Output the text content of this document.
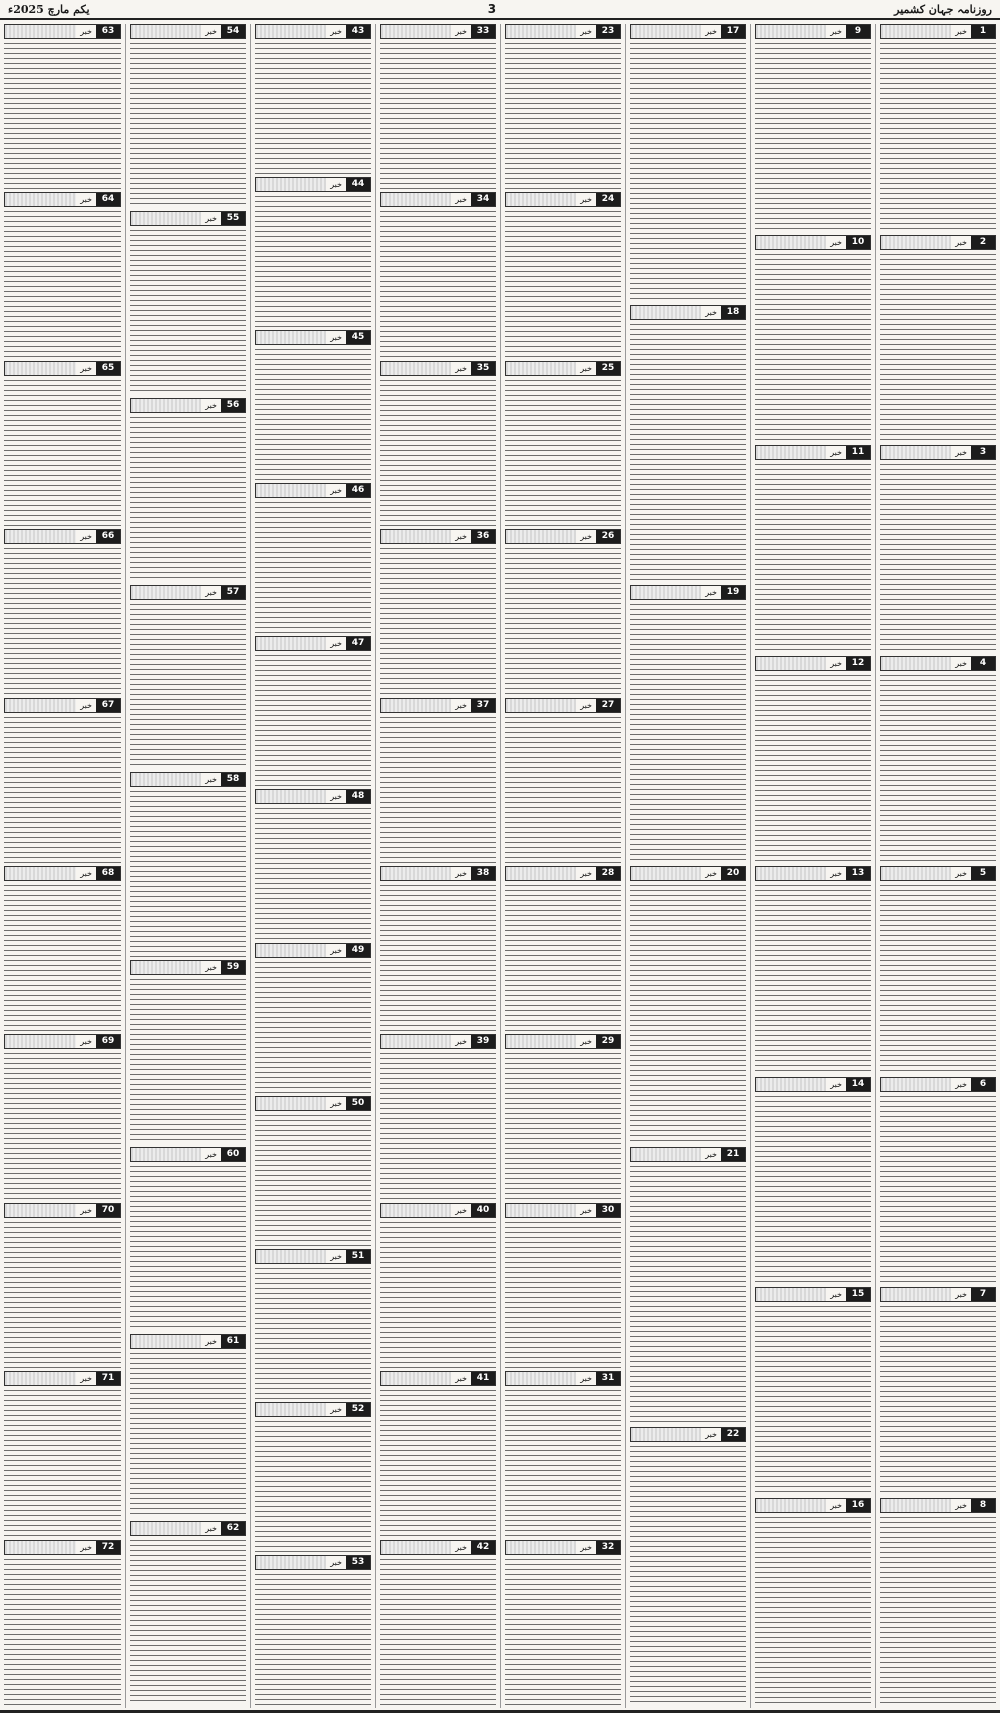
یکم مارچ 2025ء	3	روزنامہ جہان کشمیر
1
خبر
2
خبر
3
خبر
4
خبر
5
خبر
6
خبر
7
خبر
8
خبر
9
خبر
10
خبر
11
خبر
12
خبر
13
خبر
14
خبر
15
خبر
16
خبر
17
خبر
18
خبر
19
خبر
20
خبر
21
خبر
22
خبر
23
خبر
24
خبر
25
خبر
26
خبر
27
خبر
28
خبر
29
خبر
30
خبر
31
خبر
32
خبر
33
خبر
34
خبر
35
خبر
36
خبر
37
خبر
38
خبر
39
خبر
40
خبر
41
خبر
42
خبر
43
خبر
44
خبر
45
خبر
46
خبر
47
خبر
48
خبر
49
خبر
50
خبر
51
خبر
52
خبر
53
خبر
54
خبر
55
خبر
56
خبر
57
خبر
58
خبر
59
خبر
60
خبر
61
خبر
62
خبر
63
خبر
64
خبر
65
خبر
66
خبر
67
خبر
68
خبر
69
خبر
70
خبر
71
خبر
72
خبر
